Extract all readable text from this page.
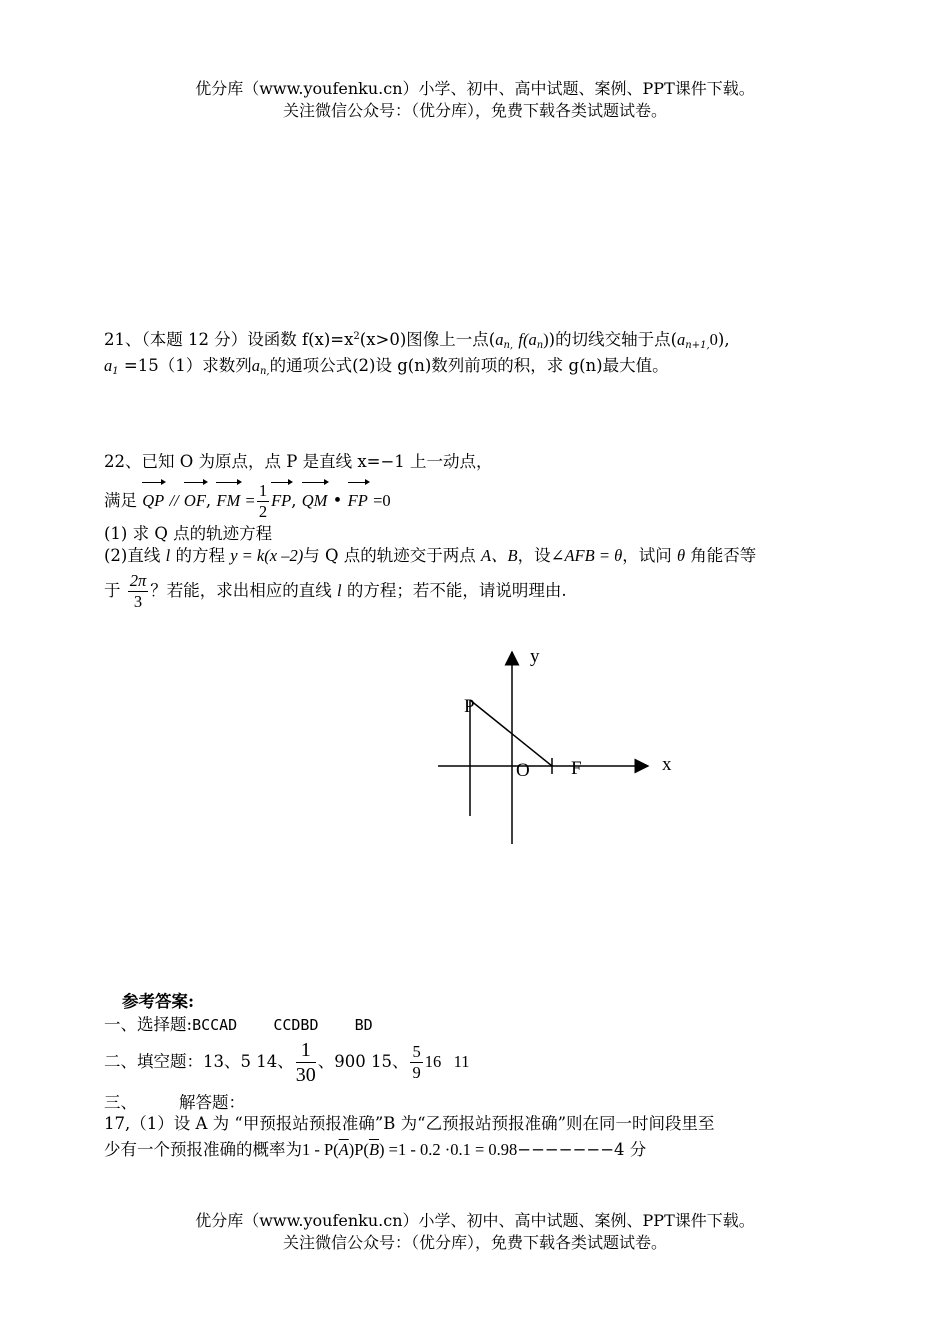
优分库（www.youfenku.cn）小学、初中、高中试题、案例、PPT课件下载。
关注微信公众号：（优分库），免费下载各类试题试卷。
21、（本题 12 分）设函数 $f(x)=x^2(x>0)$图像上一点($a_{n,}$ $f(a_n)$)的切线交轴于点$(a_{n+1,}0)$,
$a_1 =15(1)$求数列$a_{n,}$的通项公式(2)设 g(n)数列前项的积，求 g(n)最大值。
22、已知 O 为原点，点 P 是直线 x=−1 上一动点，
满足 QP // OF, FM = $\frac{1}{2}$ FP, QM • FP =0
(1) 求 Q 点的轨迹方程
(2)直线 l 的方程 y = k(x –2)与 Q 点的轨迹交于两点 A、B，设∠AFB = θ，试问 θ 角能否等
于 $\frac{2\pi}{3}$ ？若能，求出相应的直线 l 的方程；若不能，请说明理由.
y
x
P
O F
参考答案:
一、选择题:BCCAD    CCDBD    BD
二、填空题：13、5 14、 $\frac{1}{30}$ 、900 15、 $\frac{5}{9} 16$   11
三、        解答题：
17,（1）设 A 为 “甲预报站预报准确”B 为“乙预报站预报准确”则在同一时间段里至
少有一个预报准确的概率为$1 - P(\overline{A})P(\overline{B}) =1 - 0.2 \cdot 0.1 = 0.98-------4$ 分
优分库（www.youfenku.cn）小学、初中、高中试题、案例、PPT课件下载。
关注微信公众号：（优分库），免费下载各类试题试卷。
